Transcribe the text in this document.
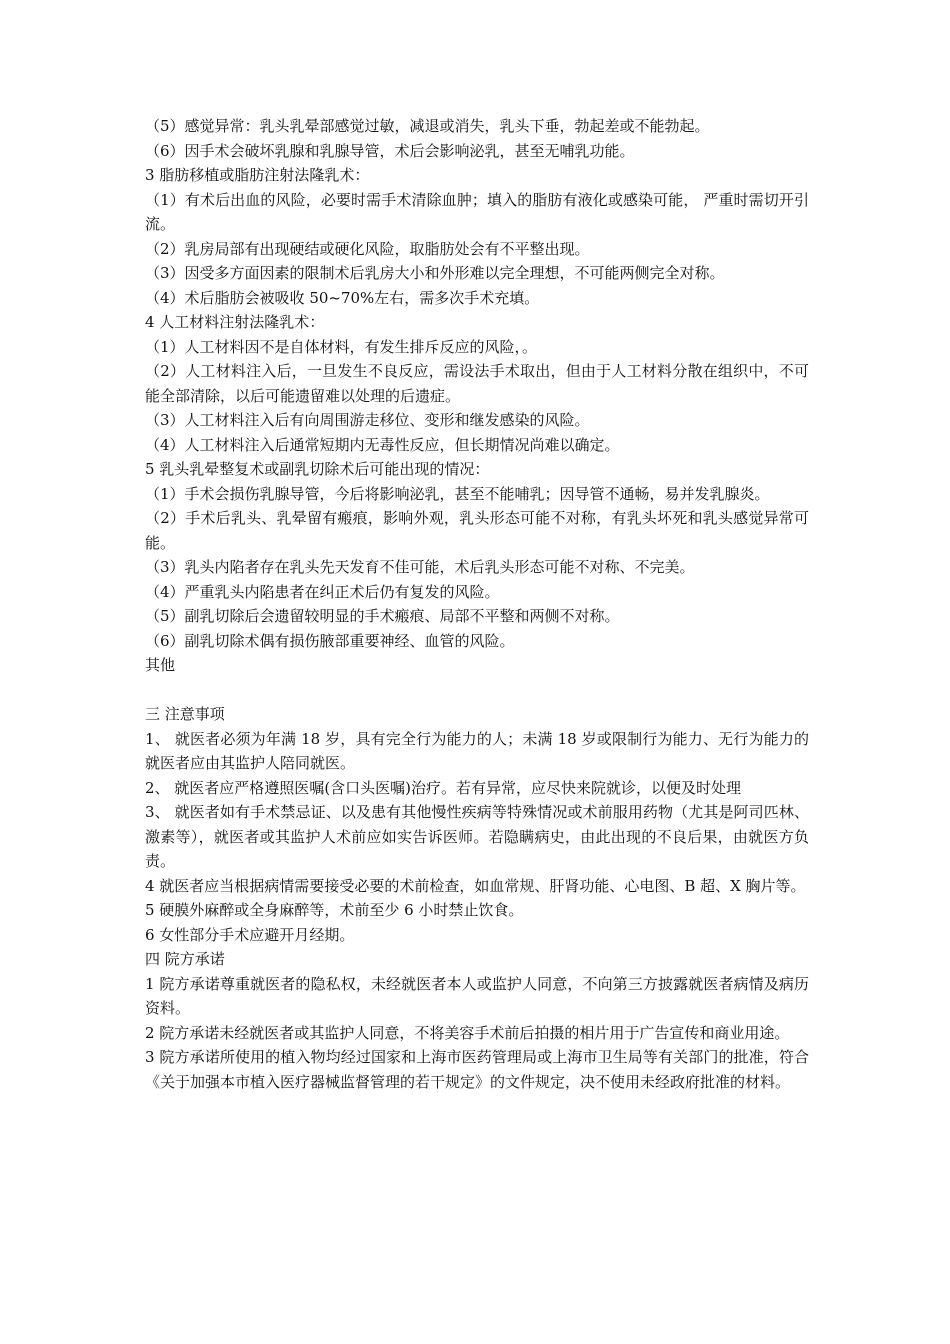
（5）感觉异常：乳头乳晕部感觉过敏，减退或消失，乳头下垂，勃起差或不能勃起。

（6）因手术会破坏乳腺和乳腺导管，术后会影响泌乳，甚至无哺乳功能。

3 脂肪移植或脂肪注射法隆乳术：

（1）有术后出血的风险，必要时需手术清除血肿；填入的脂肪有液化或感染可能， 严重时需切开引流。

（2）乳房局部有出现硬结或硬化风险，取脂肪处会有不平整出现。

（3）因受多方面因素的限制术后乳房大小和外形难以完全理想，不可能两侧完全对称。

（4）术后脂肪会被吸收 50~70%左右，需多次手术充填。

4 人工材料注射法隆乳术：

（1）人工材料因不是自体材料，有发生排斥反应的风险，。

（2）人工材料注入后，一旦发生不良反应，需设法手术取出，但由于人工材料分散在组织中，不可能全部清除，以后可能遗留难以处理的后遗症。

（3）人工材料注入后有向周围游走移位、变形和继发感染的风险。

（4）人工材料注入后通常短期内无毒性反应，但长期情况尚难以确定。

5 乳头乳晕整复术或副乳切除术后可能出现的情况：

（1）手术会损伤乳腺导管，今后将影响泌乳，甚至不能哺乳；因导管不通畅，易并发乳腺炎。

（2）手术后乳头、乳晕留有瘢痕，影响外观，乳头形态可能不对称，有乳头坏死和乳头感觉异常可能。

（3）乳头内陷者存在乳头先天发育不佳可能，术后乳头形态可能不对称、不完美。

（4）严重乳头内陷患者在纠正术后仍有复发的风险。

（5）副乳切除后会遗留较明显的手术瘢痕、局部不平整和两侧不对称。

（6）副乳切除术偶有损伤腋部重要神经、血管的风险。

其他

三 注意事项

1、 就医者必须为年满 18 岁，具有完全行为能力的人；未满 18 岁或限制行为能力、无行为能力的就医者应由其监护人陪同就医。

2、 就医者应严格遵照医嘱(含口头医嘱)治疗。若有异常，应尽快来院就诊，以便及时处理

3、 就医者如有手术禁忌证、以及患有其他慢性疾病等特殊情况或术前服用药物（尤其是阿司匹林、激素等），就医者或其监护人术前应如实告诉医师。若隐瞒病史，由此出现的不良后果，由就医方负责。

4 就医者应当根据病情需要接受必要的术前检查，如血常规、肝肾功能、心电图、B 超、X 胸片等。

5 硬膜外麻醉或全身麻醉等，术前至少 6 小时禁止饮食。

6 女性部分手术应避开月经期。

四 院方承诺

1 院方承诺尊重就医者的隐私权，未经就医者本人或监护人同意，不向第三方披露就医者病情及病历资料。

2 院方承诺未经就医者或其监护人同意，不将美容手术前后拍摄的相片用于广告宣传和商业用途。

3 院方承诺所使用的植入物均经过国家和上海市医药管理局或上海市卫生局等有关部门的批准，符合《关于加强本市植入医疗器械监督管理的若干规定》的文件规定，决不使用未经政府批准的材料。
